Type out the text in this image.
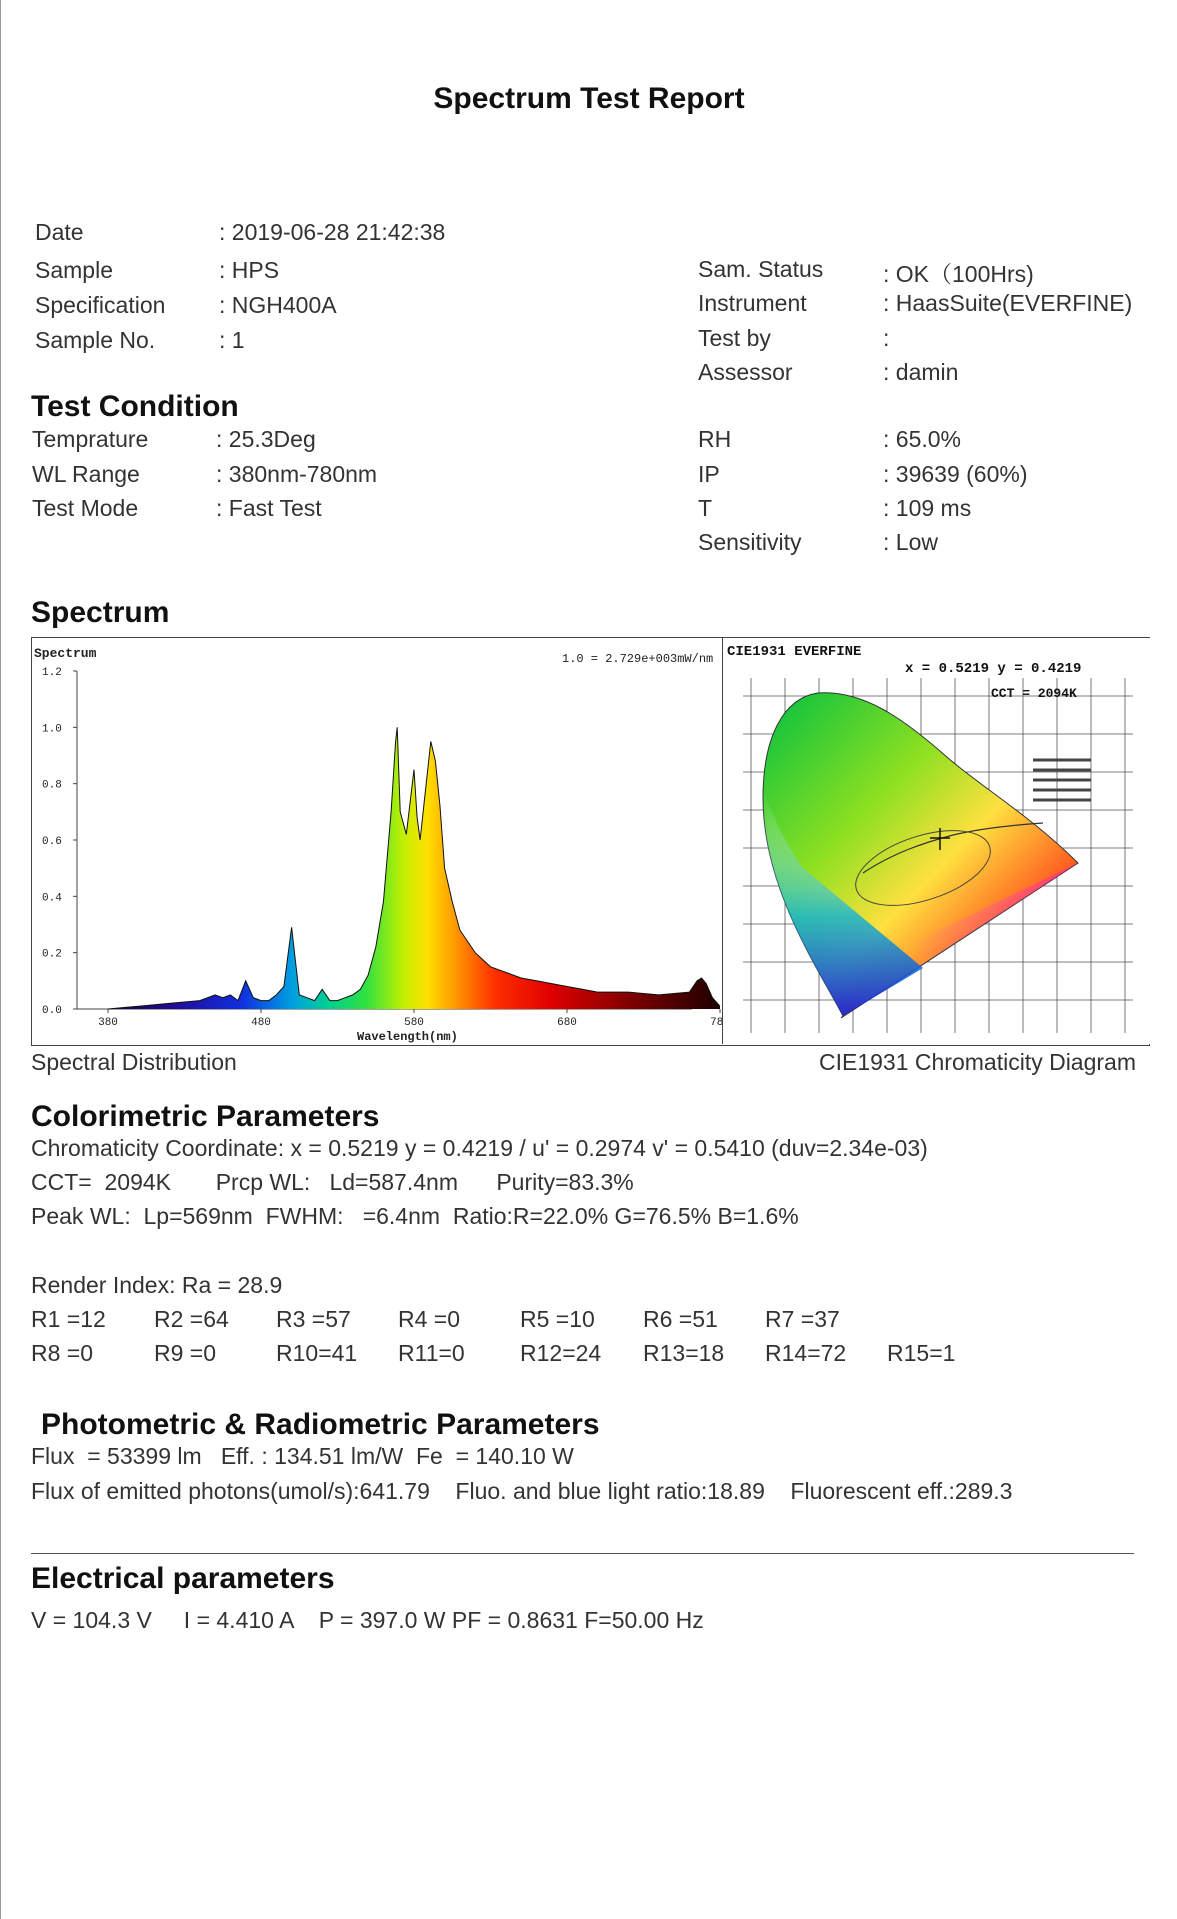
Spectrum Test Report
Date	: 2019-06-28 21:42:38
Sample	: HPS
Specification : NGH400A
Sample No.	: 1
Sam. Status	: OK（100Hrs)
Instrument	: HaasSuite(EVERFINE)
Test by	:
Assessor	: damin
Test Condition
Temprature	: 25.3Deg
WL Range	: 380nm-780nm
Test Mode	: Fast Test
RH	: 65.0%
IP	: 39639 (60%)
T	: 109 ms
Sensitivity	: Low
Spectrum
Spectrum	1.0 = 2.729e+003mW/nm
0.0
0.2
0.4
0.6
0.8
1.0
1.2
380	480	580	680	780
Wavelength(nm)
CIE1931 EVERFINE
x = 0.5219 y = 0.4219
CCT = 2094K
Spectral Distribution	CIE1931 Chromaticity Diagram
Colorimetric Parameters
Chromaticity Coordinate: x = 0.5219 y = 0.4219 / u' = 0.2974 v' = 0.5410 (duv=2.34e-03)
CCT=  2094K       Prcp WL:   Ld=587.4nm      Purity=83.3%
Peak WL:  Lp=569nm  FWHM:   =6.4nm  Ratio:R=22.0% G=76.5% B=1.6%
Render Index: Ra = 28.9
R1 =12 R2 =64 R3 =57 R4 =0	R5 =10 R6 =51 R7 =37
R8 =0	R9 =0	R10=41 R11=0 R12=24 R13=18 R14=72 R15=1
Photometric & Radiometric Parameters
Flux  = 53399 lm   Eff. : 134.51 lm/W  Fe  = 140.10 W
Flux of emitted photons(umol/s):641.79    Fluo. and blue light ratio:18.89    Fluorescent eff.:289.3
Electrical parameters
V = 104.3 V     I = 4.410 A    P = 397.0 W PF = 0.8631 F=50.00 Hz
